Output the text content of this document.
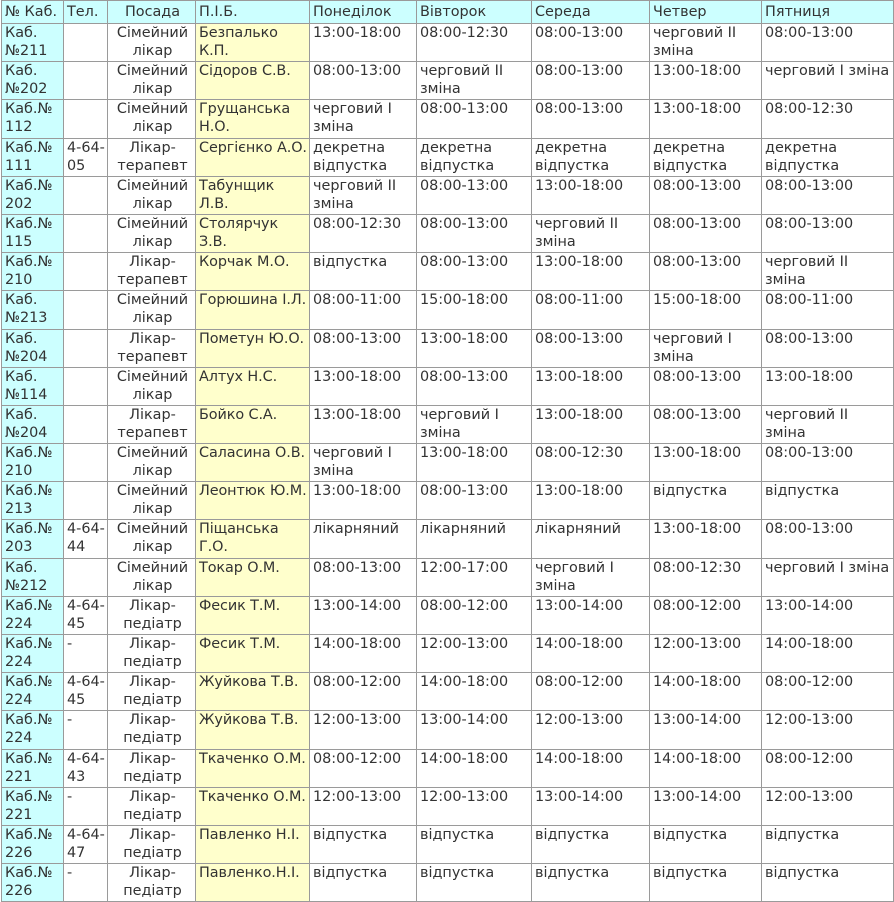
№ Каб.	Тел.	Посада	П.І.Б.	Понеділок	Вівторок	Середа	Четвер	Пятниця
Каб. №211		Сімейний лікар	Безпалько К.П.	13:00-18:00	08:00-12:30	08:00-13:00	черговий ІІ зміна	08:00-13:00
Каб. №202		Сімейний лікар	Сідоров С.В.	08:00-13:00	черговий ІІ зміна	08:00-13:00	13:00-18:00	черговий І зміна
Каб.№ 112		Сімейний лікар	Грущанська Н.О.	черговий І зміна	08:00-13:00	08:00-13:00	13:00-18:00	08:00-12:30
Каб.№ 111	4-64-05	Лікар-терапевт	Сергієнко А.О.	декретна відпустка	декретна відпустка	декретна відпустка	декретна відпустка	декретна відпустка
Каб.№ 202		Сімейний лікар	Табунщик Л.В.	черговий ІІ зміна	08:00-13:00	13:00-18:00	08:00-13:00	08:00-13:00
Каб.№ 115		Сімейний лікар	Столярчук З.В.	08:00-12:30	08:00-13:00	черговий ІІ зміна	08:00-13:00	08:00-13:00
Каб.№ 210		Лікар-терапевт	Корчак М.О.	відпустка	08:00-13:00	13:00-18:00	08:00-13:00	черговий ІІ зміна
Каб. №213		Сімейний лікар	Горюшина І.Л.	08:00-11:00	15:00-18:00	08:00-11:00	15:00-18:00	08:00-11:00
Каб. №204		Лікар-терапевт	Пометун Ю.О.	08:00-13:00	13:00-18:00	08:00-13:00	черговий І зміна	08:00-13:00
Каб. №114		Сімейний лікар	Алтух Н.С.	13:00-18:00	08:00-13:00	13:00-18:00	08:00-13:00	13:00-18:00
Каб. №204		Лікар-терапевт	Бойко С.А.	13:00-18:00	черговий І зміна	13:00-18:00	08:00-13:00	черговий ІІ зміна
Каб.№ 210		Сімейний лікар	Саласина О.В.	черговий І зміна	13:00-18:00	08:00-12:30	13:00-18:00	08:00-13:00
Каб.№ 213		Сімейний лікар	Леонтюк Ю.М.	13:00-18:00	08:00-13:00	13:00-18:00	відпустка	відпустка
Каб.№ 203	4-64-44	Сімейний лікар	Піщанська Г.О.	лікарняний	лікарняний	лікарняний	13:00-18:00	08:00-13:00
Каб. №212		Сімейний лікар	Токар О.М.	08:00-13:00	12:00-17:00	черговий І зміна	08:00-12:30	черговий І зміна
Каб.№ 224	4-64-45	Лікар-педіатр	Фесик Т.М.	13:00-14:00	08:00-12:00	13:00-14:00	08:00-12:00	13:00-14:00
Каб.№ 224	-	Лікар-педіатр	Фесик Т.М.	14:00-18:00	12:00-13:00	14:00-18:00	12:00-13:00	14:00-18:00
Каб.№ 224	4-64-45	Лікар-педіатр	Жуйкова Т.В.	08:00-12:00	14:00-18:00	08:00-12:00	14:00-18:00	08:00-12:00
Каб.№ 224	-	Лікар-педіатр	Жуйкова Т.В.	12:00-13:00	13:00-14:00	12:00-13:00	13:00-14:00	12:00-13:00
Каб.№ 221	4-64-43	Лікар-педіатр	Ткаченко О.М.	08:00-12:00	14:00-18:00	14:00-18:00	14:00-18:00	08:00-12:00
Каб.№ 221	-	Лікар-педіатр	Ткаченко О.М.	12:00-13:00	12:00-13:00	13:00-14:00	13:00-14:00	12:00-13:00
Каб.№ 226	4-64-47	Лікар-педіатр	Павленко Н.І.	відпустка	відпустка	відпустка	відпустка	відпустка
Каб.№ 226	-	Лікар-педіатр	Павленко.Н.І.	відпустка	відпустка	відпустка	відпустка	відпустка
